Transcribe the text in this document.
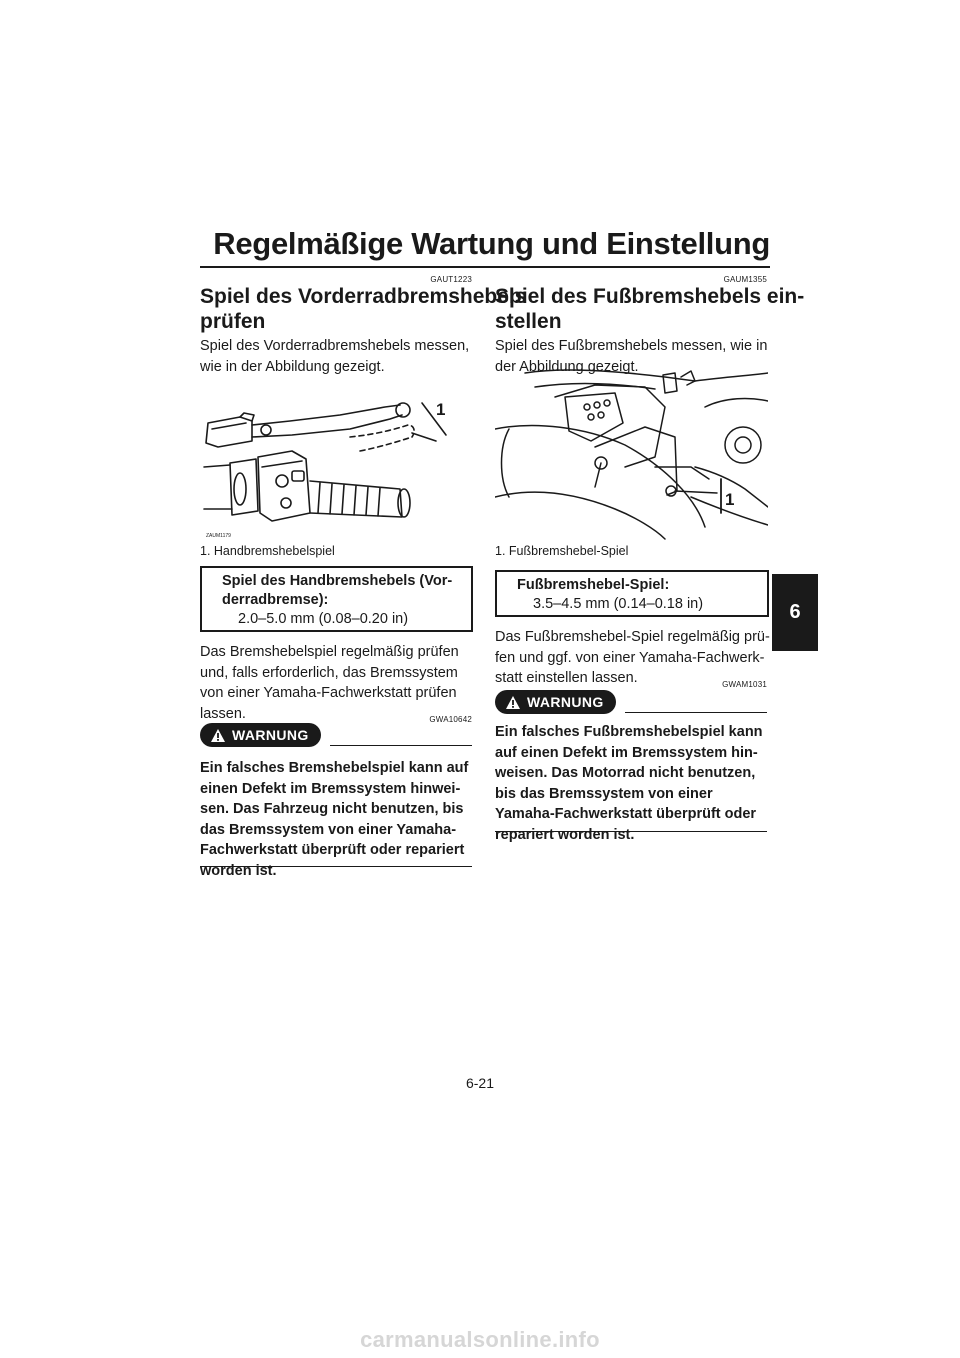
Regelmäßige Wartung und Einstellung
6
GAUT1223
Spiel des Vorderradbremshebels
prüfen
Spiel des Vorderradbremshebels messen,
wie in der Abbildung gezeigt.
1
ZAUM1179
1. Handbremshebelspiel
Spiel des Handbremshebels (Vor-
derradbremse):
2.0–5.0 mm (0.08–0.20 in)
Das Bremshebelspiel regelmäßig prüfen
und, falls erforderlich, das Bremssystem
von einer Yamaha-Fachwerkstatt prüfen
lassen.	GWA10642
WARNUNG
Ein falsches Bremshebelspiel kann auf
einen Defekt im Bremssystem hinwei-
sen. Das Fahrzeug nicht benutzen, bis
das Bremssystem von einer Yamaha-
Fachwerkstatt überprüft oder repariert
worden ist.
GAUM1355
Spiel des Fußbremshebels ein-
stellen
Spiel des Fußbremshebels messen, wie in
der Abbildung gezeigt.
1
1. Fußbremshebel-Spiel
Fußbremshebel-Spiel:
3.5–4.5 mm (0.14–0.18 in)
Das Fußbremshebel-Spiel regelmäßig prü-
fen und ggf. von einer Yamaha-Fachwerk-
statt einstellen lassen.	GWAM1031
WARNUNG
Ein falsches Fußbremshebelspiel kann
auf einen Defekt im Bremssystem hin-
weisen. Das Motorrad nicht benutzen,
bis das Bremssystem von einer
Yamaha-Fachwerkstatt überprüft oder
repariert worden ist.
6-21
carmanualsonline.info
